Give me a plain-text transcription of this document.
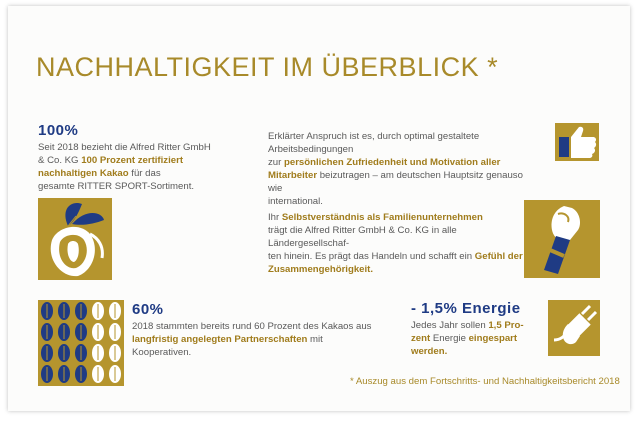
NACHHALTIGKEIT IM ÜBERBLICK *
100%
Seit 2018 bezieht die Alfred Ritter GmbH
& Co. KG 100 Prozent zertifiziert
nachhaltigen Kakao für das
gesamte RITTER SPORT-Sortiment.
Erklärter Anspruch ist es, durch optimal gestaltete Arbeitsbedingungen
zur persönlichen Zufriedenheit und Motivation aller
Mitarbeiter beizutragen – am deutschen Hauptsitz genauso wie
international.
Ihr Selbstverständnis als Familienunternehmen
trägt die Alfred Ritter GmbH & Co. KG in alle Ländergesellschaf-
ten hinein. Es prägt das Handeln und schafft ein Gefühl der
Zusammengehörigkeit.
60%
2018 stammten bereits rund 60 Prozent des Kakaos aus
langfristig angelegten Partnerschaften mit
Kooperativen.
- 1,5% Energie
Jedes Jahr sollen 1,5 Pro-
zent Energie eingespart
werden.
* Auszug aus dem Fortschritts- und Nachhaltigkeitsbericht 2018
